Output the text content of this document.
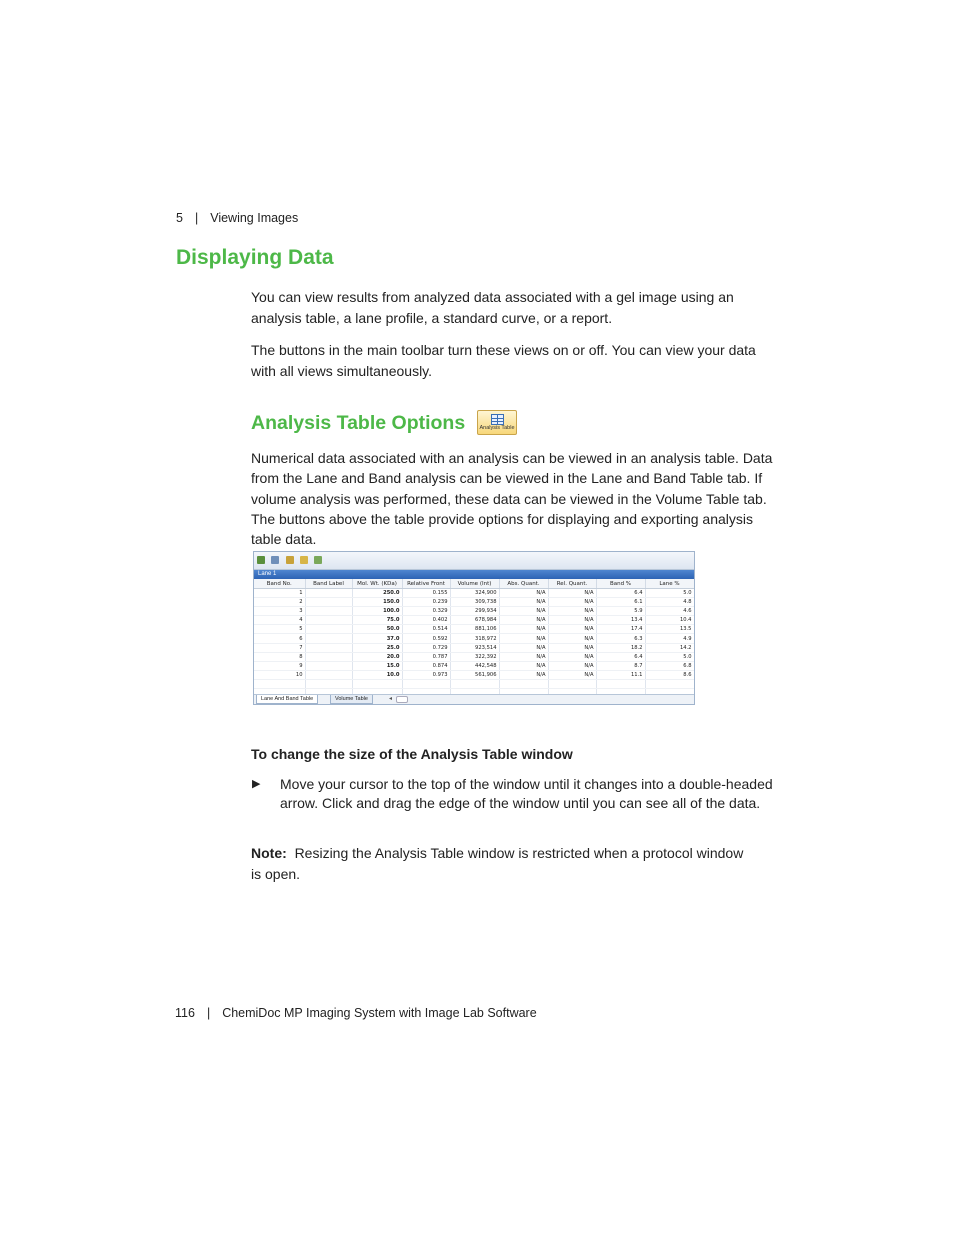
5 | Viewing Images
Displaying Data

You can view results from analyzed data associated with a gel image using an analysis table, a lane profile, a standard curve, or a report.

The buttons in the main toolbar turn these views on or off. You can view your data with all views simultaneously.

Analysis Table Options	Analysis Table

Numerical data associated with an analysis can be viewed in an analysis table. Data from the Lane and Band analysis can be viewed in the Lane and Band Table tab. If volume analysis was performed, these data can be viewed in the Volume Table tab. The buttons above the table provide options for displaying and exporting analysis table data.

Lane 1
Band No.	Band Label	Mol. Wt. (KDa)	Relative Front	Volume (Int)	Abs. Quant.	Rel. Quant.	Band %	Lane %
1		250.0	0.155	324,900	N/A	N/A	6.4	5.0
2		150.0	0.239	309,738	N/A	N/A	6.1	4.8
3		100.0	0.329	299,934	N/A	N/A	5.9	4.6
4		75.0	0.402	678,984	N/A	N/A	13.4	10.4
5		50.0	0.514	881,106	N/A	N/A	17.4	13.5
6		37.0	0.592	318,972	N/A	N/A	6.3	4.9
7		25.0	0.729	923,514	N/A	N/A	18.2	14.2
8		20.0	0.787	322,392	N/A	N/A	6.4	5.0
9		15.0	0.874	442,548	N/A	N/A	8.7	6.8
10		10.0	0.973	561,906	N/A	N/A	11.1	8.6

Lane And Band Table	Volume Table	◂
To change the size of the Analysis Table window
▶ Move your cursor to the top of the window until it changes into a double-headed arrow. Click and drag the edge of the window until you can see all of the data.

Note: Resizing the Analysis Table window is restricted when a protocol window is open.

116 | ChemiDoc MP Imaging System with Image Lab Software
